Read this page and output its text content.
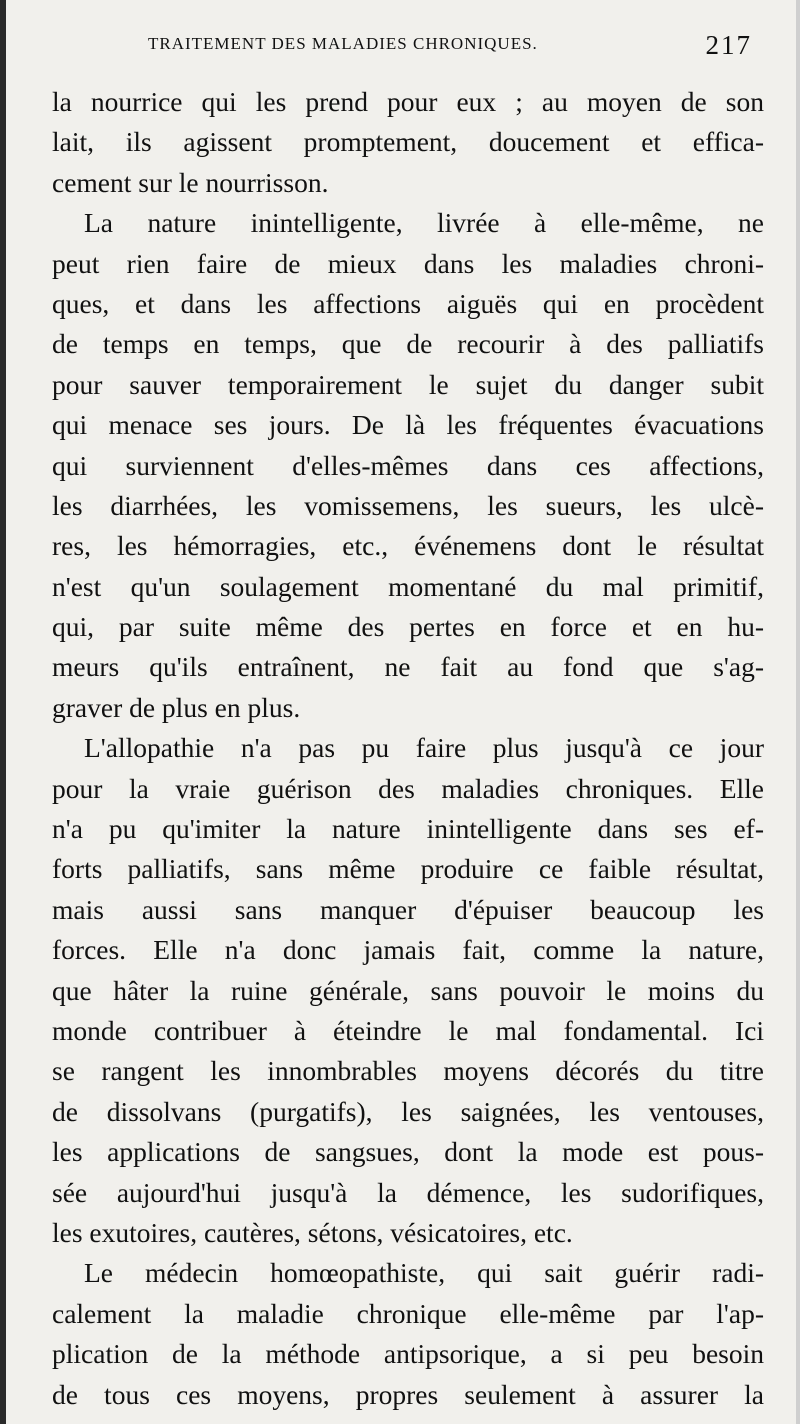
TRAITEMENT DES MALADIES CHRONIQUES.	217
la nourrice qui les prend pour eux ; au moyen de son
lait, ils agissent promptement, doucement et effica-
cement sur le nourrisson.
La nature inintelligente, livrée à elle-même, ne
peut rien faire de mieux dans les maladies chroni-
ques, et dans les affections aiguës qui en procèdent
de temps en temps, que de recourir à des palliatifs
pour sauver temporairement le sujet du danger subit
qui menace ses jours. De là les fréquentes évacuations
qui surviennent d'elles-mêmes dans ces affections,
les diarrhées, les vomissemens, les sueurs, les ulcè-
res, les hémorragies, etc., événemens dont le résultat
n'est qu'un soulagement momentané du mal primitif,
qui, par suite même des pertes en force et en hu-
meurs qu'ils entraînent, ne fait au fond que s'ag-
graver de plus en plus.
L'allopathie n'a pas pu faire plus jusqu'à ce jour
pour la vraie guérison des maladies chroniques. Elle
n'a pu qu'imiter la nature inintelligente dans ses ef-
forts palliatifs, sans même produire ce faible résultat,
mais aussi sans manquer d'épuiser beaucoup les
forces. Elle n'a donc jamais fait, comme la nature,
que hâter la ruine générale, sans pouvoir le moins du
monde contribuer à éteindre le mal fondamental. Ici
se rangent les innombrables moyens décorés du titre
de dissolvans (purgatifs), les saignées, les ventouses,
les applications de sangsues, dont la mode est pous-
sée aujourd'hui jusqu'à la démence, les sudorifiques,
les exutoires, cautères, sétons, vésicatoires, etc.
Le médecin homœopathiste, qui sait guérir radi-
calement la maladie chronique elle-même par l'ap-
plication de la méthode antipsorique, a si peu besoin
de tous ces moyens, propres seulement à assurer la
